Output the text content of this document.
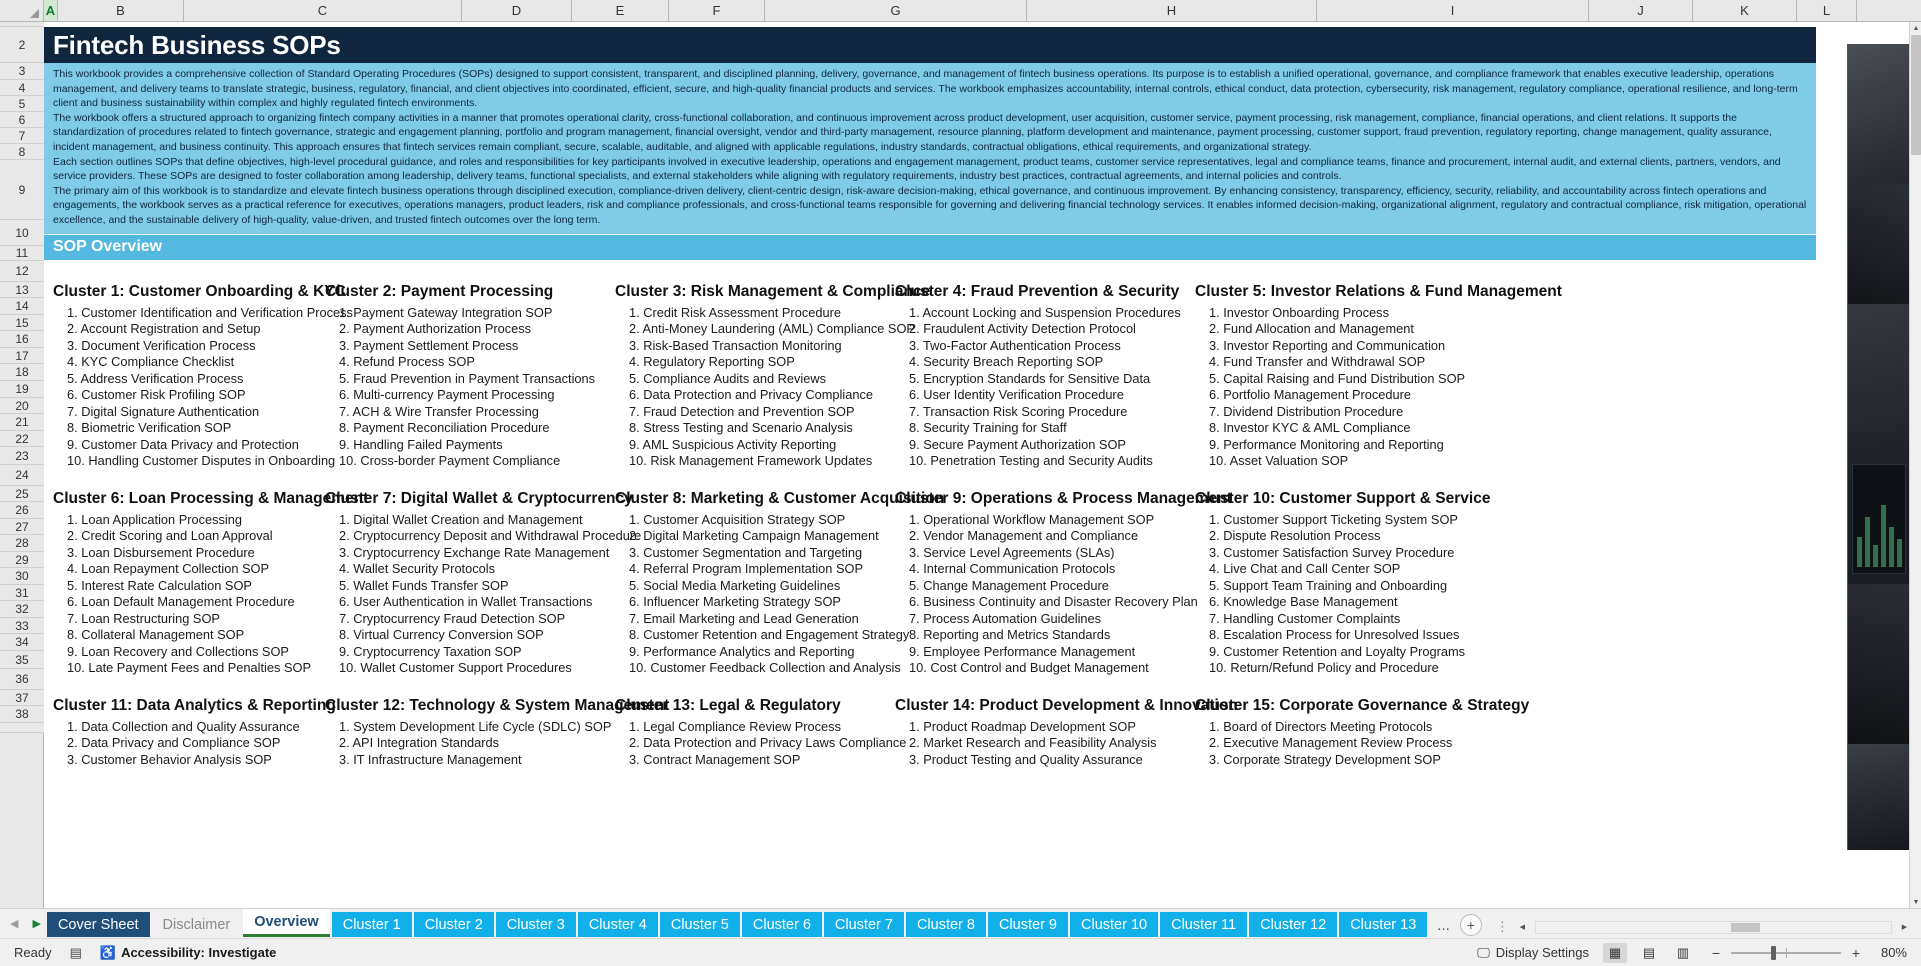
A	B	C	D	E	F	G	H	I	J	K	L
2
3
4
5
6
7
8
9
10
11
12
13
14
15
16
17
18
19
20
21
22
23
24
25
26
27
28
29
30
31
32
33
34
35
36
37
38
Fintech Business SOPs

This workbook provides a comprehensive collection of Standard Operating Procedures (SOPs) designed to support consistent, transparent, and disciplined planning, delivery, governance, and management of fintech business operations. Its purpose is to establish a unified operational, governance, and compliance framework that enables executive leadership, operations management, and delivery teams to translate strategic, business, regulatory, financial, and client objectives into coordinated, efficient, secure, and high-quality financial products and services. The workbook emphasizes accountability, internal controls, ethical conduct, data protection, cybersecurity, risk management, regulatory compliance, operational resilience, and long-term client and business sustainability within complex and highly regulated fintech environments.

The workbook offers a structured approach to organizing fintech company activities in a manner that promotes operational clarity, cross-functional collaboration, and continuous improvement across product development, user acquisition, customer service, payment processing, risk management, compliance, financial operations, and client relations. It supports the standardization of procedures related to fintech governance, strategic and engagement planning, portfolio and program management, financial oversight, vendor and third-party management, resource planning, platform development and maintenance, payment processing, customer support, fraud prevention, regulatory reporting, change management, quality assurance, incident management, and business continuity. This approach ensures that fintech services remain compliant, secure, scalable, auditable, and aligned with applicable regulations, industry standards, contractual obligations, ethical requirements, and organizational strategy.

Each section outlines SOPs that define objectives, high-level procedural guidance, and roles and responsibilities for key participants involved in executive leadership, operations and engagement management, product teams, customer service representatives, legal and compliance teams, finance and procurement, internal audit, and external clients, partners, vendors, and service providers. These SOPs are designed to foster collaboration among leadership, delivery teams, functional specialists, and external stakeholders while aligning with regulatory requirements, industry best practices, contractual agreements, and internal policies and controls.

The primary aim of this workbook is to standardize and elevate fintech business operations through disciplined execution, compliance-driven delivery, client-centric design, risk-aware decision-making, ethical governance, and continuous improvement. By enhancing consistency, transparency, efficiency, security, reliability, and accountability across fintech operations and engagements, the workbook serves as a practical reference for executives, operations managers, product leaders, risk and compliance professionals, and cross-functional teams responsible for governing and delivering financial technology services. It enables informed decision-making, organizational alignment, regulatory and contractual compliance, risk mitigation, operational excellence, and the sustainable delivery of high-quality, value-driven, and trusted fintech outcomes over the long term.

SOP Overview
Cluster 1: Customer Onboarding & KYC
1. Customer Identification and Verification Process
2. Account Registration and Setup
3. Document Verification Process
4. KYC Compliance Checklist
5. Address Verification Process
6. Customer Risk Profiling SOP
7. Digital Signature Authentication
8. Biometric Verification SOP
9. Customer Data Privacy and Protection
10. Handling Customer Disputes in Onboarding
Cluster 2: Payment Processing
1. Payment Gateway Integration SOP
2. Payment Authorization Process
3. Payment Settlement Process
4. Refund Process SOP
5. Fraud Prevention in Payment Transactions
6. Multi-currency Payment Processing
7. ACH & Wire Transfer Processing
8. Payment Reconciliation Procedure
9. Handling Failed Payments
10. Cross-border Payment Compliance
Cluster 3: Risk Management & Compliance
1. Credit Risk Assessment Procedure
2. Anti-Money Laundering (AML) Compliance SOP
3. Risk-Based Transaction Monitoring
4. Regulatory Reporting SOP
5. Compliance Audits and Reviews
6. Data Protection and Privacy Compliance
7. Fraud Detection and Prevention SOP
8. Stress Testing and Scenario Analysis
9. AML Suspicious Activity Reporting
10. Risk Management Framework Updates
Cluster 4: Fraud Prevention & Security
1. Account Locking and Suspension Procedures
2. Fraudulent Activity Detection Protocol
3. Two-Factor Authentication Process
4. Security Breach Reporting SOP
5. Encryption Standards for Sensitive Data
6. User Identity Verification Procedure
7. Transaction Risk Scoring Procedure
8. Security Training for Staff
9. Secure Payment Authorization SOP
10. Penetration Testing and Security Audits
Cluster 5: Investor Relations & Fund Management
1. Investor Onboarding Process
2. Fund Allocation and Management
3. Investor Reporting and Communication
4. Fund Transfer and Withdrawal SOP
5. Capital Raising and Fund Distribution SOP
6. Portfolio Management Procedure
7. Dividend Distribution Procedure
8. Investor KYC & AML Compliance
9. Performance Monitoring and Reporting
10. Asset Valuation SOP
Cluster 6: Loan Processing & Management
1. Loan Application Processing
2. Credit Scoring and Loan Approval
3. Loan Disbursement Procedure
4. Loan Repayment Collection SOP
5. Interest Rate Calculation SOP
6. Loan Default Management Procedure
7. Loan Restructuring SOP
8. Collateral Management SOP
9. Loan Recovery and Collections SOP
10. Late Payment Fees and Penalties SOP
Cluster 7: Digital Wallet & Cryptocurrency
1. Digital Wallet Creation and Management
2. Cryptocurrency Deposit and Withdrawal Procedure
3. Cryptocurrency Exchange Rate Management
4. Wallet Security Protocols
5. Wallet Funds Transfer SOP
6. User Authentication in Wallet Transactions
7. Cryptocurrency Fraud Detection SOP
8. Virtual Currency Conversion SOP
9. Cryptocurrency Taxation SOP
10. Wallet Customer Support Procedures
Cluster 8: Marketing & Customer Acquisition
1. Customer Acquisition Strategy SOP
2. Digital Marketing Campaign Management
3. Customer Segmentation and Targeting
4. Referral Program Implementation SOP
5. Social Media Marketing Guidelines
6. Influencer Marketing Strategy SOP
7. Email Marketing and Lead Generation
8. Customer Retention and Engagement Strategy
9. Performance Analytics and Reporting
10. Customer Feedback Collection and Analysis
Cluster 9: Operations & Process Management
1. Operational Workflow Management SOP
2. Vendor Management and Compliance
3. Service Level Agreements (SLAs)
4. Internal Communication Protocols
5. Change Management Procedure
6. Business Continuity and Disaster Recovery Plan
7. Process Automation Guidelines
8. Reporting and Metrics Standards
9. Employee Performance Management
10. Cost Control and Budget Management
Cluster 10: Customer Support & Service
1. Customer Support Ticketing System SOP
2. Dispute Resolution Process
3. Customer Satisfaction Survey Procedure
4. Live Chat and Call Center SOP
5. Support Team Training and Onboarding
6. Knowledge Base Management
7. Handling Customer Complaints
8. Escalation Process for Unresolved Issues
9. Customer Retention and Loyalty Programs
10. Return/Refund Policy and Procedure
Cluster 11: Data Analytics & Reporting
1. Data Collection and Quality Assurance
2. Data Privacy and Compliance SOP
3. Customer Behavior Analysis SOP
Cluster 12: Technology & System Management
1. System Development Life Cycle (SDLC) SOP
2. API Integration Standards
3. IT Infrastructure Management
Cluster 13: Legal & Regulatory
1. Legal Compliance Review Process
2. Data Protection and Privacy Laws Compliance
3. Contract Management SOP
Cluster 14: Product Development & Innovation
1. Product Roadmap Development SOP
2. Market Research and Feasibility Analysis
3. Product Testing and Quality Assurance
Cluster 15: Corporate Governance & Strategy
1. Board of Directors Meeting Protocols
2. Executive Management Review Process
3. Corporate Strategy Development SOP
▲
▼
◀ ▶	Cover Sheet	Disclaimer	Overview	Cluster 1	Cluster 2	Cluster 3	Cluster 4	Cluster 5	Cluster 6	Cluster 7	Cluster 8	Cluster 9	Cluster 10	Cluster 11	Cluster 12	Cluster 13	...	+	⋮	◀	▶
Ready ▤ ♿ Accessibility: Investigate	🖵 Display Settings	▦	▤	▥	−	+	80%
